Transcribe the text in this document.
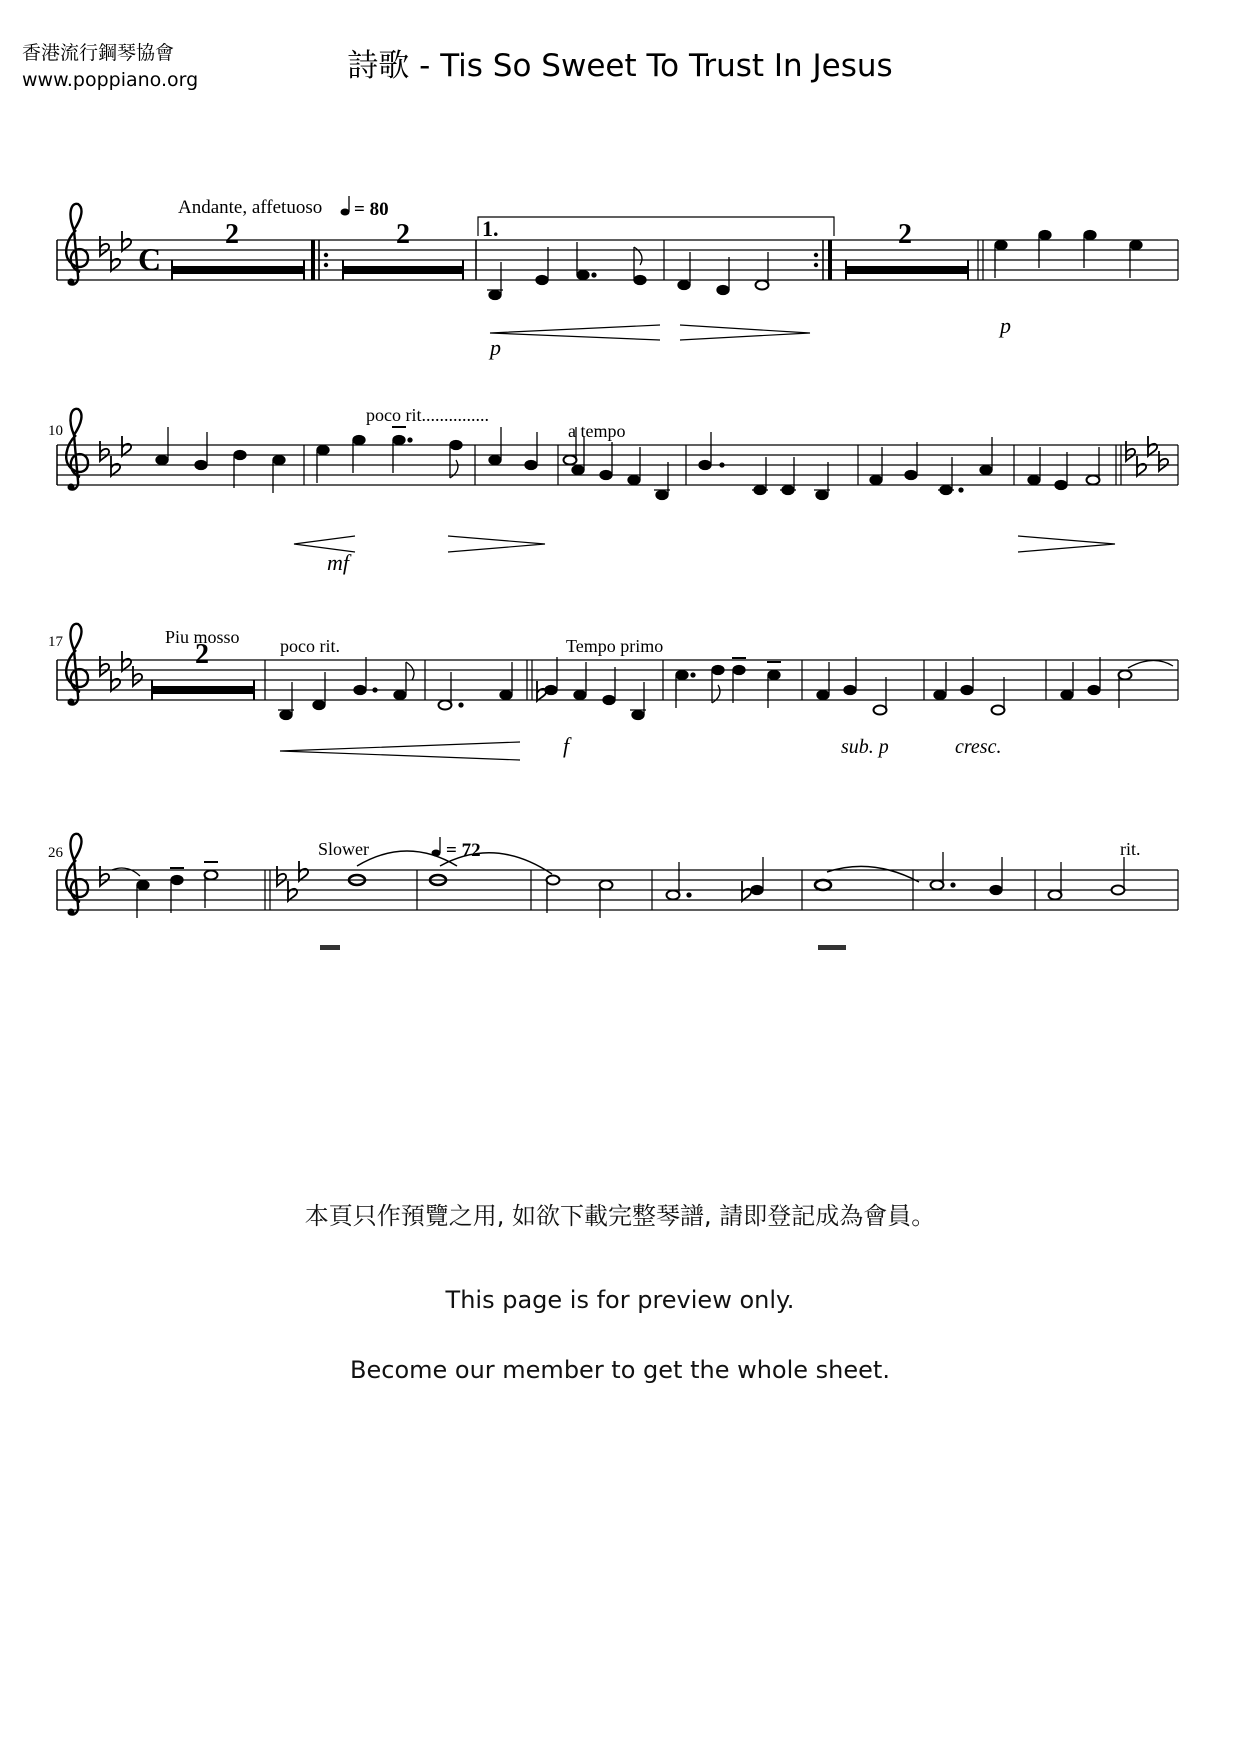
香港流行鋼琴協會
www.poppiano.org	詩歌 - Tis So Sweet To Trust In Jesus
C
2	2	1.	2
p
p
Andante, affetuoso = 80
10
poco rit...............
a tempo
mf
17	2
Piu mosso poco rit.	Tempo primo
f	sub. p	cresc.
26	Slower	= 72	rit.
本頁只作預覽之用, 如欲下載完整琴譜, 請即登記成為會員。
This page is for preview only.
Become our member to get the whole sheet.
